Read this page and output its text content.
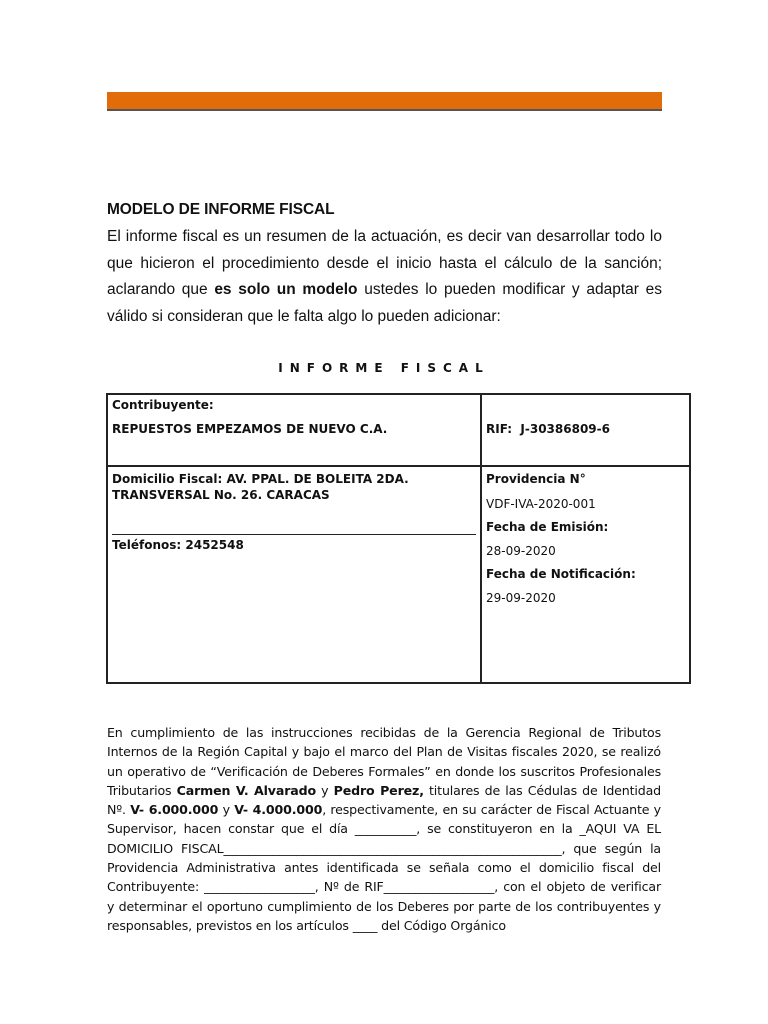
MODELO DE INFORME FISCAL
El informe fiscal es un resumen de la actuación, es decir van desarrollar todo lo que hicieron el procedimiento desde el inicio hasta el cálculo de la sanción; aclarando que es solo un modelo ustedes lo pueden modificar y adaptar es válido si consideran que le falta algo lo pueden adicionar:
INFORME FISCAL
Contribuyente:
REPUESTOS EMPEZAMOS DE NUEVO C.A.	RIF: J-30386809-6
Domicilio Fiscal: AV. PPAL. DE BOLEITA 2DA.
TRANSVERSAL No. 26. CARACAS
Teléfonos: 2452548
Providencia N°
VDF-IVA-2020-001
Fecha de Emisión:
28-09-2020
Fecha de Notificación:
29-09-2020
En cumplimiento de las instrucciones recibidas de la Gerencia Regional de Tributos Internos de la Región Capital y bajo el marco del Plan de Visitas fiscales 2020, se realizó un operativo de “Verificación de Deberes Formales” en donde los suscritos Profesionales Tributarios Carmen V. Alvarado y Pedro Perez, titulares de las Cédulas de Identidad Nº. V- 6.000.000 y V- 4.000.000, respectivamente, en su carácter de Fiscal Actuante y Supervisor, hacen constar que el día __________, se constituyeron en la _AQUI VA EL DOMICILIO FISCAL_______________________________________________________, que según la Providencia Administrativa antes identificada se señala como el domicilio fiscal del Contribuyente: __________________, Nº de RIF__________________, con el objeto de verificar y determinar el oportuno cumplimiento de los Deberes por parte de los contribuyentes y responsables, previstos en los artículos ____ del Código Orgánico
